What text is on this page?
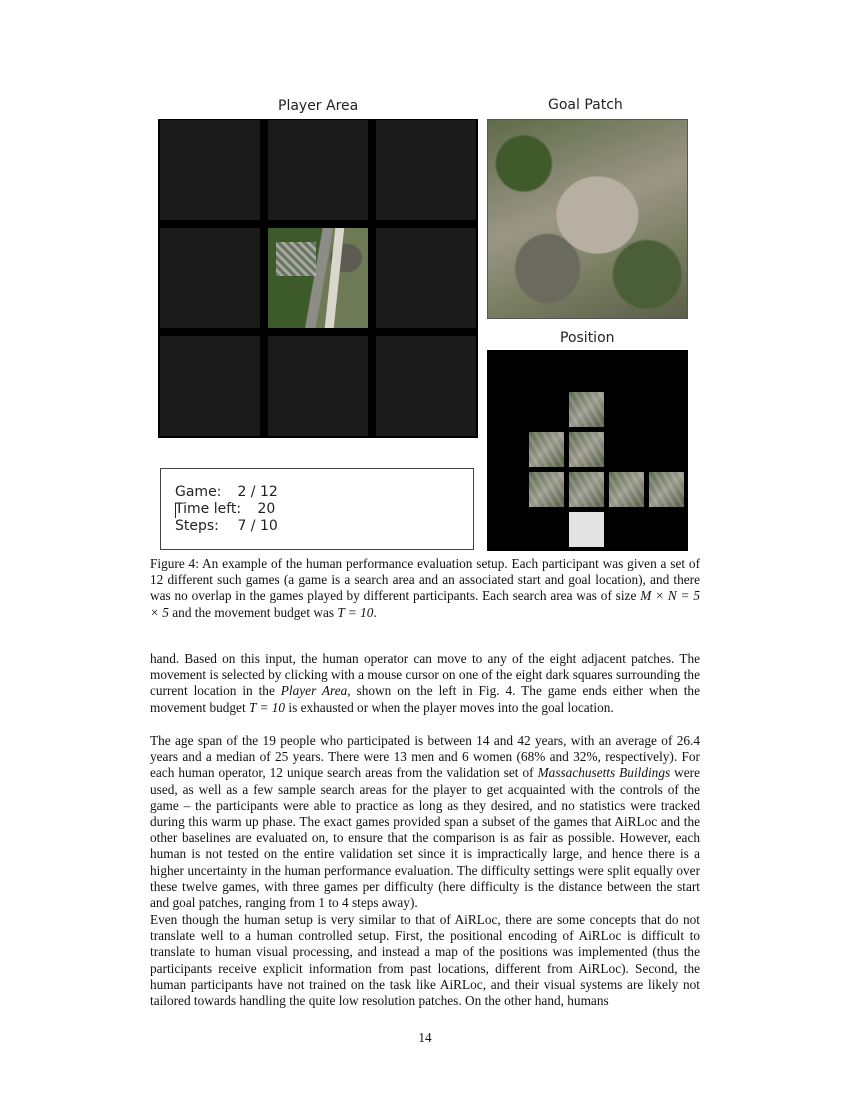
Player Area	Goal Patch
Position
Game: 2 / 12
Time left: 20
Steps: 7 / 10
Figure 4: An example of the human performance evaluation setup. Each participant was given a set of 12 different such games (a game is a search area and an associated start and goal location), and there was no overlap in the games played by different participants. Each search area was of size M × N = 5 × 5 and the movement budget was T = 10.
hand. Based on this input, the human operator can move to any of the eight adjacent patches. The movement is selected by clicking with a mouse cursor on one of the eight dark squares surrounding the current location in the Player Area, shown on the left in Fig. 4. The game ends either when the movement budget T = 10 is exhausted or when the player moves into the goal location.
The age span of the 19 people who participated is between 14 and 42 years, with an average of 26.4 years and a median of 25 years. There were 13 men and 6 women (68% and 32%, respectively). For each human operator, 12 unique search areas from the validation set of Massachusetts Buildings were used, as well as a few sample search areas for the player to get acquainted with the controls of the game – the participants were able to practice as long as they desired, and no statistics were tracked during this warm up phase. The exact games provided span a subset of the games that AiRLoc and the other baselines are evaluated on, to ensure that the comparison is as fair as possible. However, each human is not tested on the entire validation set since it is impractically large, and hence there is a higher uncertainty in the human performance evaluation. The difficulty settings were split equally over these twelve games, with three games per difficulty (here difficulty is the distance between the start and goal patches, ranging from 1 to 4 steps away).
Even though the human setup is very similar to that of AiRLoc, there are some concepts that do not translate well to a human controlled setup. First, the positional encoding of AiRLoc is difficult to translate to human visual processing, and instead a map of the positions was implemented (thus the participants receive explicit information from past locations, different from AiRLoc). Second, the human participants have not trained on the task like AiRLoc, and their visual systems are likely not tailored towards handling the quite low resolution patches. On the other hand, humans
14
